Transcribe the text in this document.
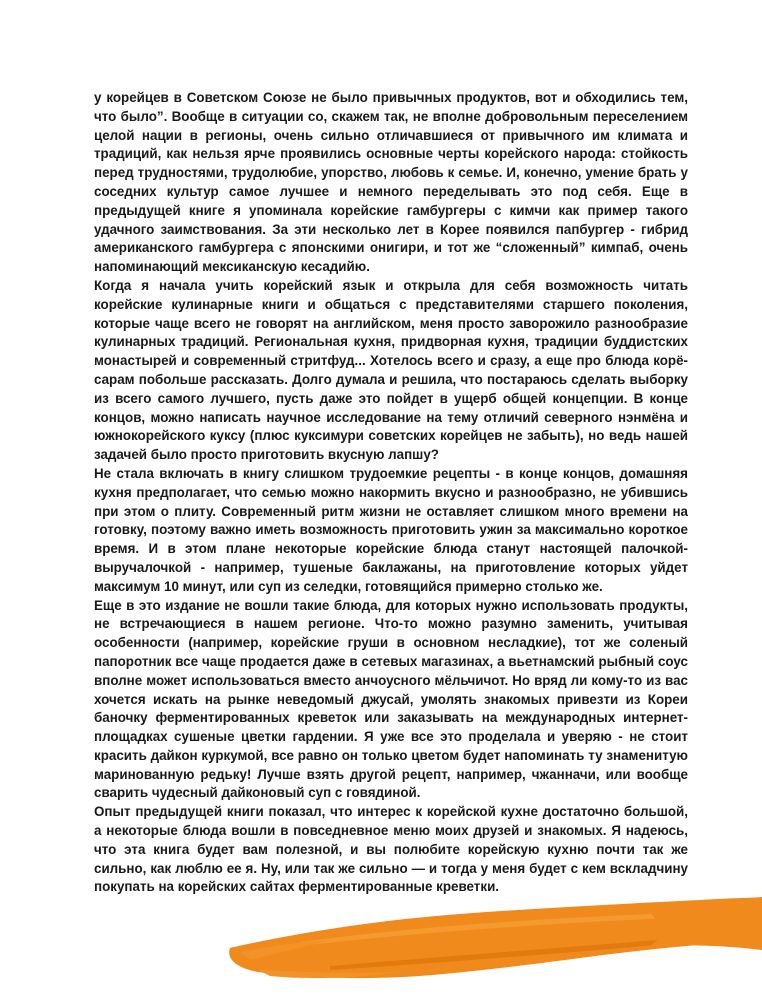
у корейцев в Советском Союзе не было привычных продуктов, вот и обходились тем, что было”. Вообще в ситуации со, скажем так, не вполне добровольным переселением целой нации в регионы, очень сильно отличавшиеся от привычного им климата и традиций, как нельзя ярче проявились основные черты корейского народа: стойкость перед трудностями, трудолюбие, упорство, любовь к семье. И, конечно, умение брать у соседних культур самое лучшее и немного переделывать это под себя. Еще в предыдущей книге я упоминала корейские гамбургеры с кимчи как пример такого удачного заимствования. За эти несколько лет в Корее появился папбургер - гибрид американского гамбургера с японскими онигири, и тот же “сложенный” кимпаб, очень напоминающий мексиканскую кесадийю.

Когда я начала учить корейский язык и открыла для себя возможность читать корейские кулинарные книги и общаться с представителями старшего поколения, которые чаще всего не говорят на английском, меня просто заворожило разнообразие кулинарных традиций. Региональная кухня, придворная кухня, традиции буддистских монастырей и современный стритфуд... Хотелось всего и сразу, а еще про блюда корё-сарам побольше рассказать. Долго думала и решила, что постараюсь сделать выборку из всего самого лучшего, пусть даже это пойдет в ущерб общей концепции. В конце концов, можно написать научное исследование на тему отличий северного нэнмёна и южнокорейского куксу (плюс куксимури советских корейцев не забыть), но ведь нашей задачей было просто приготовить вкусную лапшу?

Не стала включать в книгу слишком трудоемкие рецепты - в конце концов, домашняя кухня предполагает, что семью можно накормить вкусно и разнообразно, не убившись при этом о плиту. Современный ритм жизни не оставляет слишком много времени на готовку, поэтому важно иметь возможность приготовить ужин за максимально короткое время. И в этом плане некоторые корейские блюда станут настоящей палочкой-выручалочкой - например, тушеные баклажаны, на приготовление которых уйдет максимум 10 минут, или суп из селедки, готовящийся примерно столько же.

Еще в это издание не вошли такие блюда, для которых нужно использовать продукты, не встречающиеся в нашем регионе. Что-то можно разумно заменить, учитывая особенности (например, корейские груши в основном несладкие), тот же соленый папоротник все чаще продается даже в сетевых магазинах, а вьетнамский рыбный соус вполне может использоваться вместо анчоусного мёльчичот. Но вряд ли кому-то из вас хочется искать на рынке неведомый джусай, умолять знакомых привезти из Кореи баночку ферментированных креветок или заказывать на международных интернет-площадках сушеные цветки гардении. Я уже все это проделала и уверяю - не стоит красить дайкон куркумой, все равно он только цветом будет напоминать ту знаменитую маринованную редьку! Лучше взять другой рецепт, например, чжанначи, или вообще сварить чудесный дайконовый суп с говядиной.

Опыт предыдущей книги показал, что интерес к корейской кухне достаточно большой, а некоторые блюда вошли в повседневное меню моих друзей и знакомых. Я надеюсь, что эта книга будет вам полезной, и вы полюбите корейскую кухню почти так же сильно, как люблю ее я. Ну, или так же сильно — и тогда у меня будет с кем вскладчину покупать на корейских сайтах ферментированные креветки.
